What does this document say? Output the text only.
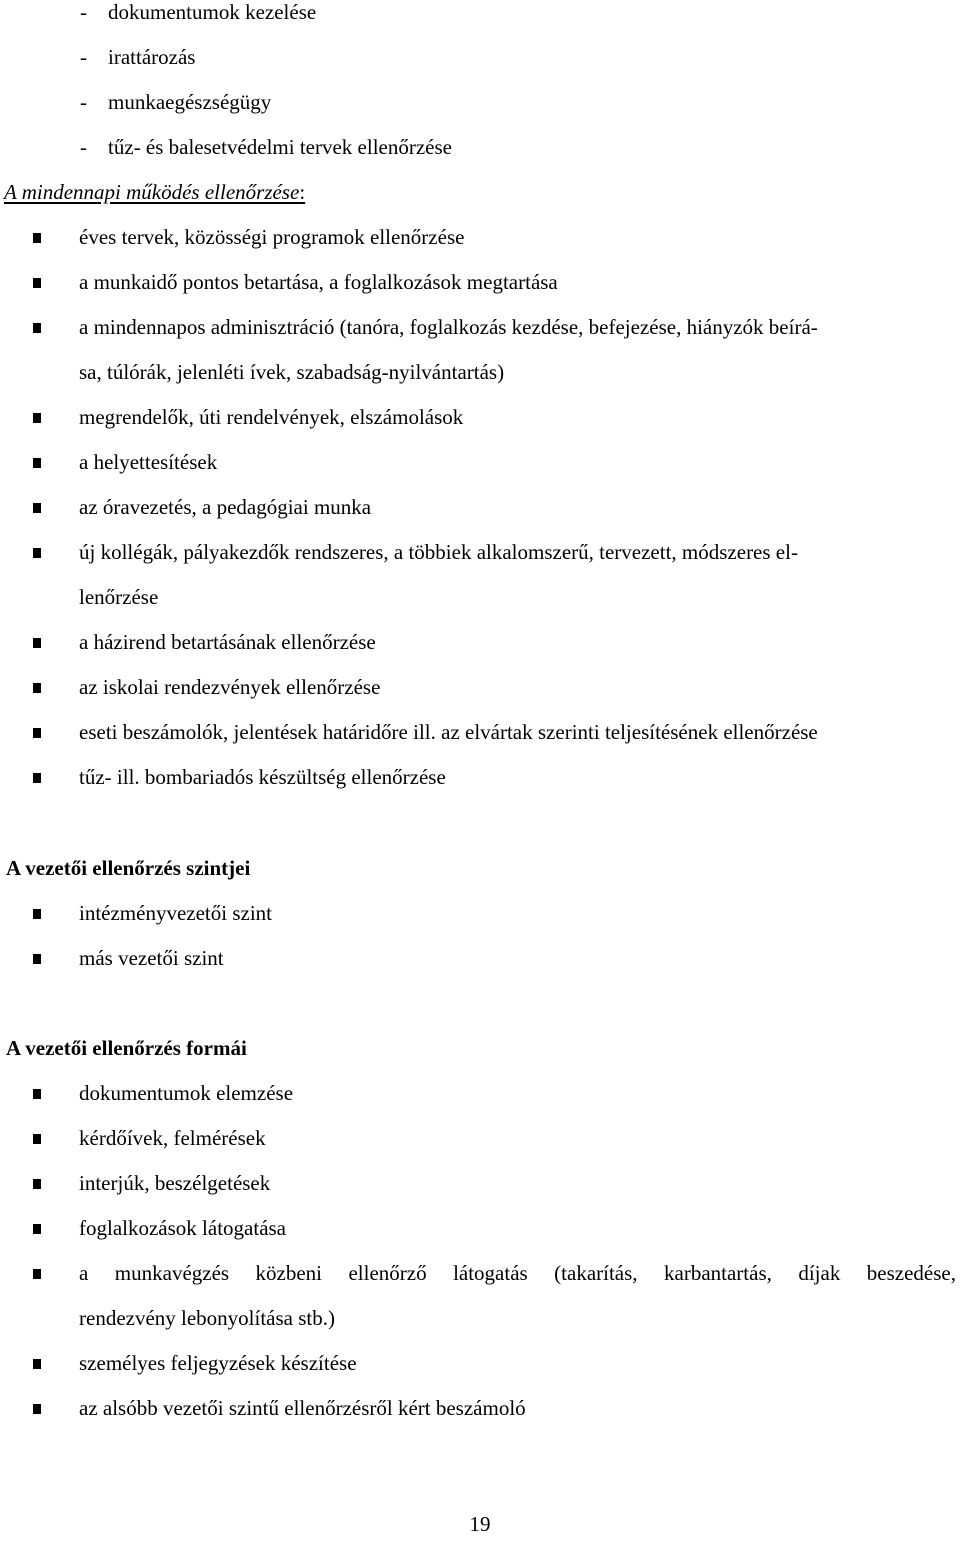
- dokumentumok kezelése
- irattározás
- munkaegészségügy
- tűz- és balesetvédelmi tervek ellenőrzése
A mindennapi működés ellenőrzése:
éves tervek, közösségi programok ellenőrzése
a munkaidő pontos betartása, a foglalkozások megtartása
a mindennapos adminisztráció (tanóra, foglalkozás kezdése, befejezése, hiányzók beírá-
sa, túlórák, jelenléti ívek, szabadság-nyilvántartás)
megrendelők, úti rendelvények, elszámolások
a helyettesítések
az óravezetés, a pedagógiai munka
új kollégák, pályakezdők rendszeres, a többiek alkalomszerű, tervezett, módszeres el-
lenőrzése
a házirend betartásának ellenőrzése
az iskolai rendezvények ellenőrzése
eseti beszámolók, jelentések határidőre ill. az elvártak szerinti teljesítésének ellenőrzése
tűz- ill. bombariadós készültség ellenőrzése
A vezetői ellenőrzés szintjei
intézményvezetői szint
más vezetői szint
A vezetői ellenőrzés formái
dokumentumok elemzése
kérdőívek, felmérések
interjúk, beszélgetések
foglalkozások látogatása
a munkavégzés közbeni ellenőrző látogatás (takarítás, karbantartás, díjak beszedése,
rendezvény lebonyolítása stb.)
személyes feljegyzések készítése
az alsóbb vezetői szintű ellenőrzésről kért beszámoló
19
